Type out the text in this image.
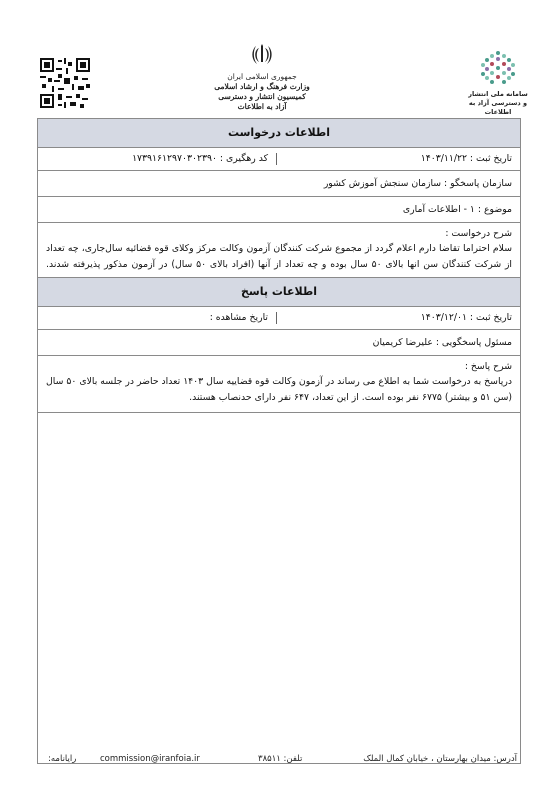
جمهوری اسلامی ایران
وزارت فرهنگ و ارشاد اسلامی
کمیسیون انتشار و دسترسی آزاد به اطلاعات
سامانه ملی انتشار
و دسترسی آزاد به اطلاعات
اطلاعات درخواست
تاریخ ثبت : ۱۴۰۳/۱۱/۲۲
کد رهگیری : ۱۷۳۹۱۶۱۲۹۷۰۳۰۲۳۹۰
سازمان پاسخگو : سازمان سنجش آموزش کشور
موضوع : ۱ - اطلاعات آماری
شرح درخواست :
سلام احتراما تقاضا دارم اعلام گردد از مجموع شرکت کنندگان آزمون وکالت مرکز وکلای قوه قضائیه سال‌جاری، چه تعداد از شرکت کنندگان سن انها بالای ۵۰ سال بوده و چه تعداد از آنها (افراد بالای ۵۰ سال) در آزمون مذکور پذیرفته شدند.
اطلاعات پاسخ
تاریخ ثبت : ۱۴۰۳/۱۲/۰۱
تاریخ مشاهده :
مسئول پاسخگویی : علیرضا کریمیان
شرح پاسخ :
درپاسخ به درخواست شما به اطلاع می رساند در آزمون وکالت قوه قضاییه سال ۱۴۰۳ تعداد حاضر در جلسه بالای ۵۰ سال (سن ۵۱ و بیشتر) ۶۷۷۵ نفر بوده است. از این تعداد، ۶۴۷ نفر دارای حدنصاب هستند.
آدرس: میدان بهارستان ، خیابان کمال الملک
تلفن: ۳۸۵۱۱
commission@iranfoia.ir
رایانامه:
